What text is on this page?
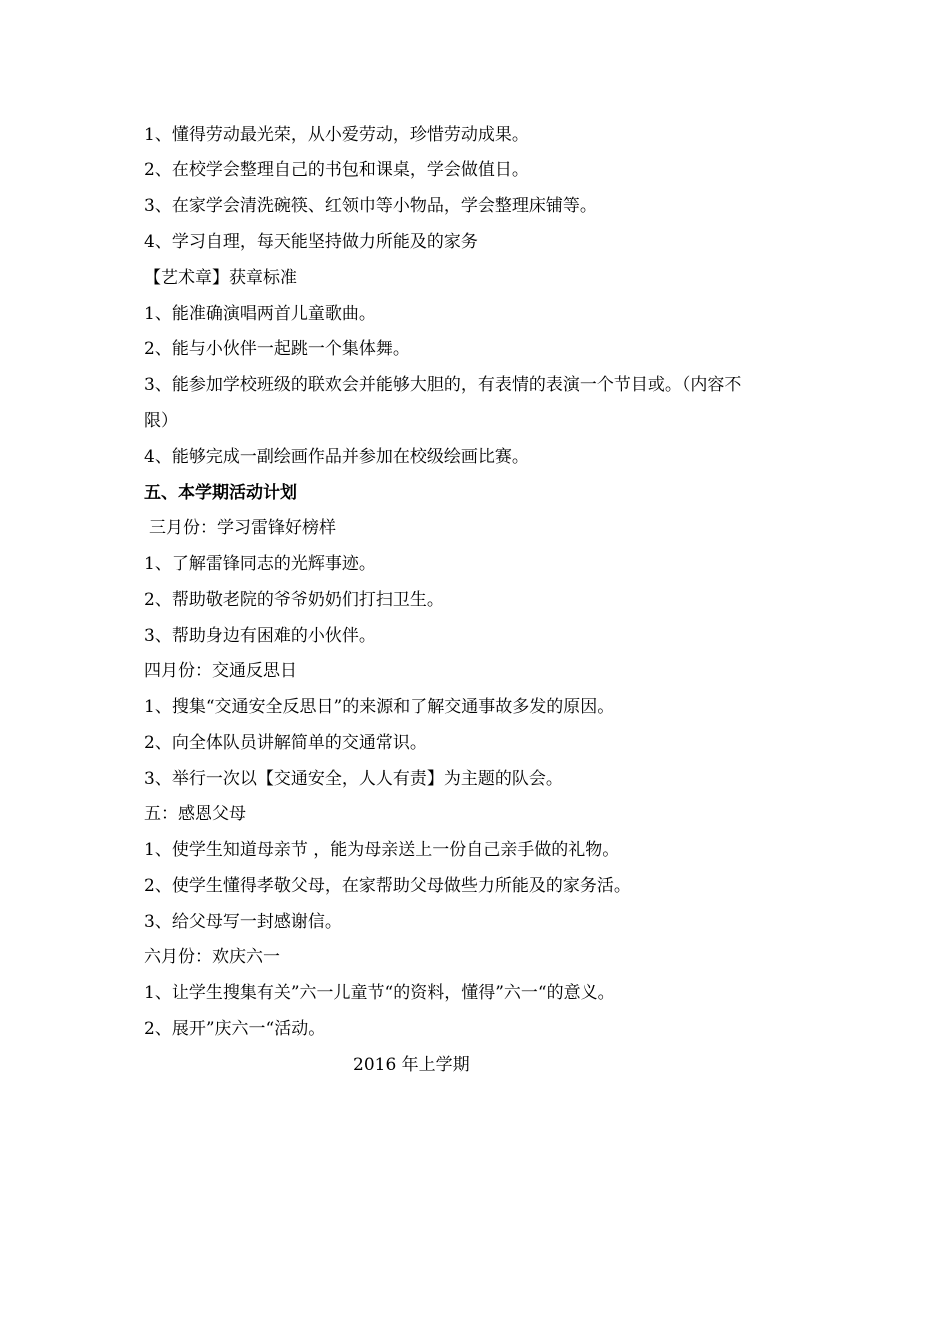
1、懂得劳动最光荣，从小爱劳动，珍惜劳动成果。
2、在校学会整理自己的书包和课桌，学会做值日。
3、在家学会清洗碗筷、红领巾等小物品，学会整理床铺等。
4、学习自理，每天能坚持做力所能及的家务
【艺术章】获章标准
1、能准确演唱两首儿童歌曲。
2、能与小伙伴一起跳一个集体舞。
3、能参加学校班级的联欢会并能够大胆的，有表情的表演一个节目或。（内容不
限）
4、能够完成一副绘画作品并参加在校级绘画比赛。
五、本学期活动计划
三月份：学习雷锋好榜样
1、了解雷锋同志的光辉事迹。
2、帮助敬老院的爷爷奶奶们打扫卫生。
3、帮助身边有困难的小伙伴。
四月份：交通反思日
1、搜集“交通安全反思日”的来源和了解交通事故多发的原因。
2、向全体队员讲解简单的交通常识。
3、举行一次以【交通安全，人人有责】为主题的队会。
五：感恩父母
1、使学生知道母亲节 ，能为母亲送上一份自己亲手做的礼物。
2、使学生懂得孝敬父母，在家帮助父母做些力所能及的家务活。
3、给父母写一封感谢信。
六月份：欢庆六一
1、让学生搜集有关”六一儿童节“的资料，懂得”六一“的意义。
2、展开”庆六一“活动。
2016 年上学期
